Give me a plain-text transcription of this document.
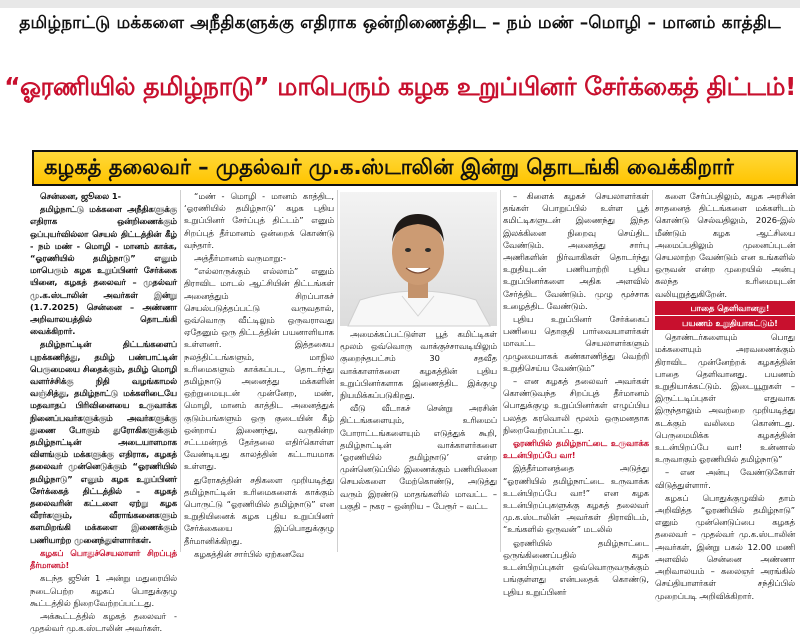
தமிழ்நாட்டு மக்களை அநீதிகளுக்கு எதிராக ஒன்றிணைத்திட – நம் மண் –மொழி – மானம் காத்திட
“ஓரணியில் தமிழ்நாடு” மாபெரும் கழக உறுப்பினர் சேர்க்கைத் திட்டம்!
கழகத் தலைவர் – முதல்வர் மு.க.ஸ்டாலின் இன்று தொடங்கி வைக்கிறார்

சென்னை, ஜூலை 1-

தமிழ்நாட்டு மக்களை அநீதிகளுக்கு எதிராக ஒன்றிணைக்கும் ஒப்புயர்வில்லா செயல் திட்டத்தின் கீழ் - நம் மண் - மொழி - மானம் காக்க, “ஓரணியில் தமிழ்நாடு” எனும் மாபெரும் கழக உறுப்பினர் சேர்க்கை யினை, கழகத் தலைவர் – முதல்வர் மு.க.ஸ்டாலின் அவர்கள் இன்று (1.7.2025) சென்னை – அண்ணா அறிவாலயத்தில் தொடங்கி வைக்கிறார்.

தமிழ்நாட்டின் திட்டங்களைப் புறக்கணித்து, தமிழ் பண்பாட்டின் பெருமையை சிதைக்கும், தமிழ் மொழி வளர்ச்சிக்கு நிதி வழங்காமல் வஞ்சித்து, தமிழ்நாட்டு மக்களிடையே மதவாதப் பிரிவினையை உருவாக்க நினைப்பவர்களுக்கும் அவர்களுக்கு துணை போகும் துரோகிகளுக்கும் தமிழ்நாட்டின் அடையாளமாக விளங்கும் மக்களுக்கு எதிராக, கழகத் தலைவர் முன்னெடுக்கும் “ஓரணியில் தமிழ்நாடு” எனும் கழக உறுப்பினர் சேர்க்கைத் திட்டத்தில் – கழகத் தலைவரின் கட்டளை ஏற்று கழக வீரர்களும், வீராங்கனைகளும் களமிறங்கி மக்களை இணைக்கும் பணியாற்ற முனைந்துள்ளார்கள்.

கழகப் பொதுச்செயலாளர் சிறப்புத் தீர்மானம்!

கடந்த ஜூன் 1 அன்று மதுரையில் நடைபெற்ற கழகப் பொதுக்குழு கூட்டத்தில் நிறைவேற்றப்பட்டது.

அக்கூட்டத்தில் கழகத் தலைவர் - முதல்வர் மு.க.ஸ்டாலின் அவர்கள்.

“மண் - மொழி - மானம் காத்திட, ‘ஓரணியில் தமிழ்நாடு’ கழக புதிய உறுப்பினர் சேர்ப்புத் திட்டம்” எனும் சிறப்புத் தீர்மானம் ஒன்றைக் கொண்டு வந்தார்.

அத்தீர்மானம் வருமாறு:-

“எல்லாருக்கும் எல்லாம்” எனும் திராவிட மாடல் ஆட்சியின் திட்டங்கள் அனைத்தும் சிறப்பாகச் செயல்படுத்தப்பட்டு வருவதால், ஒவ்வொரு வீட்டிலும் ஒருவராவது ஏதேனும் ஒரு திட்டத்தின் பயனாளியாக உள்ளனர். இத்தகைய நலத்திட்டங்களும், மாநில உரிமைகளும் காக்கப்பட, தொடர்ந்து தமிழ்நாடு அனைத்து மக்களின் ஒற்றுமையுடன் முன்னேற, மண், மொழி, மானம் காத்திட அனைத்துக் குடும்பங்களும் ஒரு குடையின் கீழ் ஒன்றாய் இணைந்து, வருகின்ற சட்டமன்றத் தேர்தலை எதிர்கொள்ள வேண்டியது காலத்தின் கட்டாயமாக உள்ளது.

துரோகத்தின் சதிகளை முறியடித்து தமிழ்நாட்டின் உரிமைகளைக் காக்கும் பொருட்டு “ஓரணியில் தமிழ்நாடு” என உறுதியினைக் கழக புதிய உறுப்பினர் சேர்க்கையை இப்பொதுக்குழு தீர்மானிக்கிறது.

கழகத்தின் சார்பில் ஏற்கனவே

அமைக்கப்பட்டுள்ள பூத் கமிட்டிகள் மூலம் ஒவ்வொரு வாக்குச்சாவடியிலும் குறைந்தபட்சம் 30 சதவீத வாக்காளர்களை கழகத்தின் புதிய உறுப்பினர்களாக இணைத்திட இக்குழு நியமிக்கப்படுகிறது.

வீடு வீடாகச் சென்று அரசின் திட்டங்களையும், உரிமைப் போராட்டங்களையும் எடுத்துக் கூறி, தமிழ்நாட்டின் வாக்காளர்களை ‘ஓரணியில் தமிழ்நாடு’ என்ற முன்னெடுப்பில் இணைக்கும் பணியினை செயல்களை மேற்கொண்டு, அடுத்து வரும் இரண்டு மாதங்களில் மாவட்ட – பகுதி – நகர – ஒன்றிய – பேரூர் – வட்ட

– கிளைக் கழகச் செயலாளர்கள் தங்கள் பொறுப்பில் உள்ள பூத் கமிட்டிகளுடன் இணைந்து இந்த இலக்கினை நிறைவு செய்திட வேண்டும். அனைத்து சார்பு அணிகளின் நிர்வாகிகள் தொடர்ந்து உறுதியுடன் பணியாற்றி புதிய உறுப்பினர்களை அதிக அளவில் சேர்த்திட வேண்டும். முழு மூச்சாக உழைத்திட வேண்டும்.

புதிய உறுப்பினர் சேர்க்கைப் பணியை தொகுதி பார்வையாளர்கள் மாவட்ட செயலாளர்களும் முழுமையாகக் கண்காணித்து வெற்றி உறுதிசெய்ய வேண்டும்”

– என கழகத் தலைவர் அவர்கள் கொண்டுவந்த சிறப்புத் தீர்மானம் பொதுக்குழு உறுப்பினர்கள் எழுப்பிய பலத்த கரவொலி மூலம் ஒருமனதாக நிறைவேற்றப்பட்டது.

ஓரணியில் தமிழ்நாட்டை உருவாக்க உடன்பிறப்பே வா!

இத்தீர்மானத்தை அடுத்து “ஓரணியில் தமிழ்நாட்டை உருவாக்க உடன்பிறப்பே வா!” என கழக உடன்பிறப்புகளுக்கு கழகத் தலைவர் மு.க.ஸ்டாலின் அவர்கள் திராவிடம், “உங்களில் ஒருவன்” மடலில்

ஓரணியில் தமிழ்நாட்டை ஒருங்கிணைப்பதில் கழக உடன்பிறப்புகள் ஒவ்வொருவருக்கும் பங்குள்ளது என்பதைக் கொண்டு, புதிய உறுப்பினர்

களை சேர்ப்பதிலும், கழக அரசின் சாதனைத் திட்டங்களை மக்களிடம் கொண்டு செல்வதிலும், 2026-இல் மீண்டும் கழக ஆட்சியை அமைப்பதிலும் முனைப்புடன் செயலாற்ற வேண்டும் என உங்களில் ஒருவன் என்ற முறையில் அன்பு கலந்த உரிமையுடன் வலியுறுத்துகிறேன்.

பாதை தெளிவானது!

பயணம் உறுதியாகட்டும்!

தொண்டர்களையும் பொது மக்களையும் அரவணைக்கும் திராவிட முன்னேற்றக் கழகத்தின் பாதை தெளிவானது. பயணம் உறுதியாக்கட்டும். இடையூறுகள் – இருட்டடிப்புகள் எதுவாக இருந்தாலும் அவற்றை முறியடித்து கடக்கும் வலிமை கொண்டது. பெருமைமிக்க கழகத்தின் உடன்பிறப்பே வா! உன்னால் உருவாகும் ஓரணியில் தமிழ்நாடு”

– என அன்பு வேண்டுகோள் விடுத்துள்ளார்.

கழகப் பொதுக்குழுவில் தாம் அறிவித்த “ஓரணியில் தமிழ்நாடு” எனும் முன்னெடுப்பை கழகத் தலைவர் – முதல்வர் மு.க.ஸ்டாலின் அவர்கள், இன்று பகல் 12.00 மணி அளவில் சென்னை அண்ணா அறிவாலயம் – கலைஞர் அரங்கில் செய்தியாளர்கள் சந்திப்பில் முறைப்படி அறிவிக்கிறார்.
